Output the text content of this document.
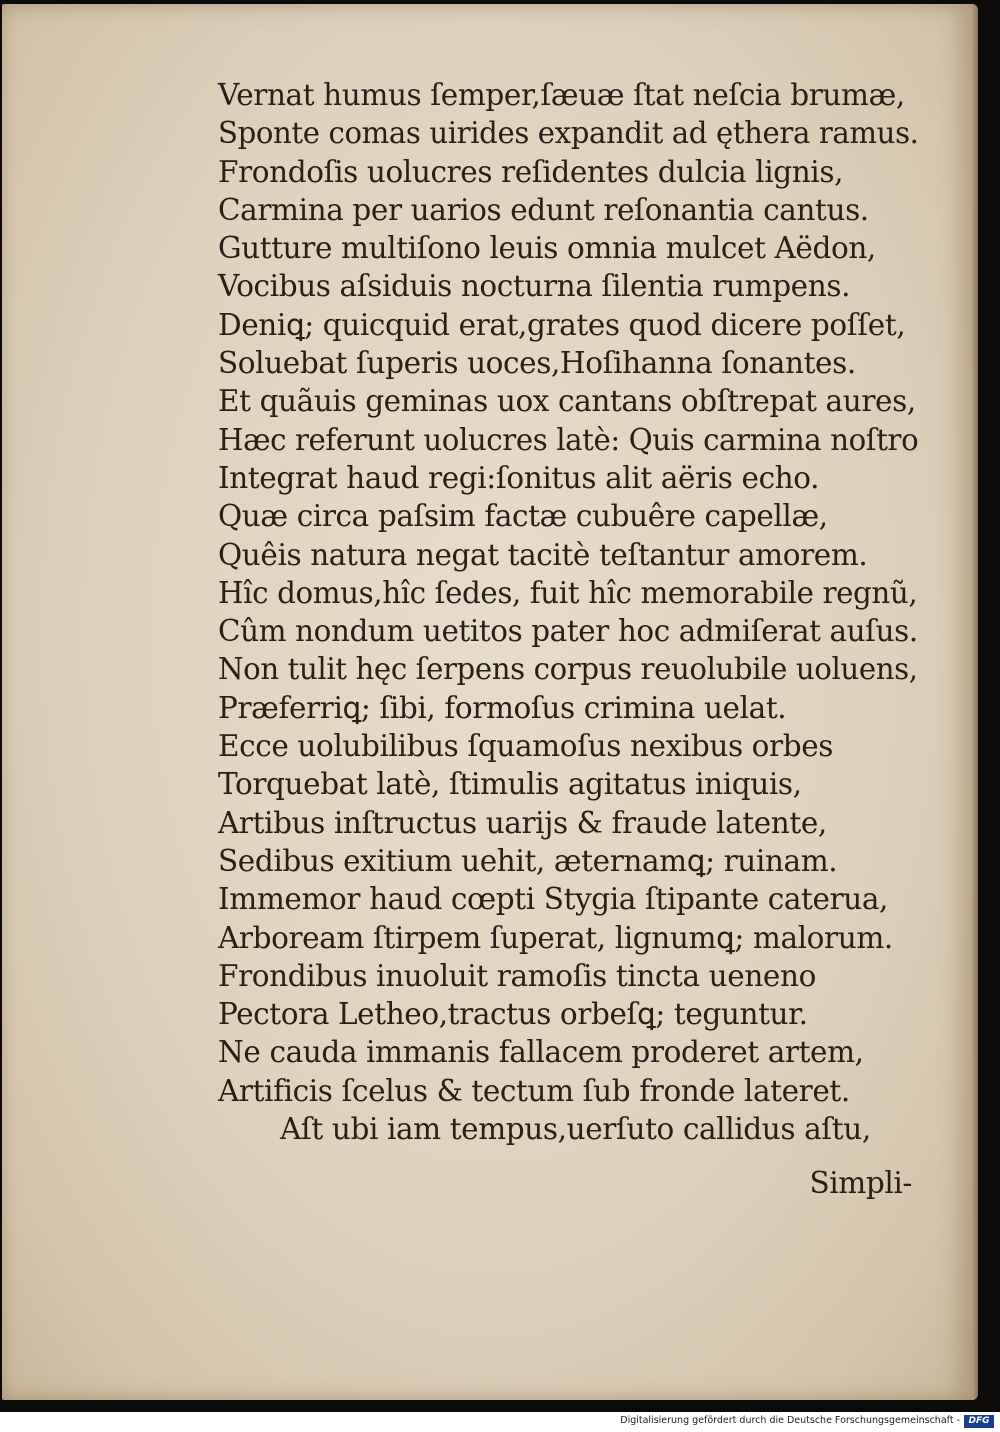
Vernat humus ſemper,ſæuæ ſtat neſcia brumæ,
Sponte comas uirides expandit ad ęthera ramus.
Frondoſis uolucres reſidentes dulcia lignis,
Carmina per uarios edunt reſonantia cantus.
Gutture multiſono leuis omnia mulcet Aëdon,
Vocibus aſsiduis nocturna ſilentia rumpens.
Deniꝗ; quicquid erat,grates quod dicere poſſet,
Soluebat ſuperis uoces,Hoſihanna ſonantes.
Et quãuis geminas uox cantans obſtrepat aures,
Hæc referunt uolucres latè: Quis carmina noſtro
Integrat haud regi:ſonitus alit aëris echo.
Quæ circa paſsim factæ cubuêre capellæ,
Quêis natura negat tacitè teſtantur amorem.
Hîc domus,hîc ſedes, fuit hîc memorabile regnũ,
Cûm nondum uetitos pater hoc admiſerat auſus.
Non tulit hęc ſerpens corpus reuolubile uoluens,
Præferriꝗ; ſibi, formoſus crimina uelat.
Ecce uolubilibus ſquamoſus nexibus orbes
Torquebat latè, ſtimulis agitatus iniquis,
Artibus inſtructus uarijs & fraude latente,
Sedibus exitium uehit, æternamꝗ; ruinam.
Immemor haud cœpti Stygia ſtipante caterua,
Arboream ſtirpem ſuperat, lignumꝗ; malorum.
Frondibus inuoluit ramoſis tincta ueneno
Pectora Letheo,tractus orbeſꝗ; teguntur.
Ne cauda immanis fallacem proderet artem,
Artificis ſcelus & tectum ſub fronde lateret.
Aſt ubi iam tempus,uerſuto callidus aſtu,
Simpli-
Digitalisierung gefördert durch die Deutsche Forschungsgemeinschaft - DFG
